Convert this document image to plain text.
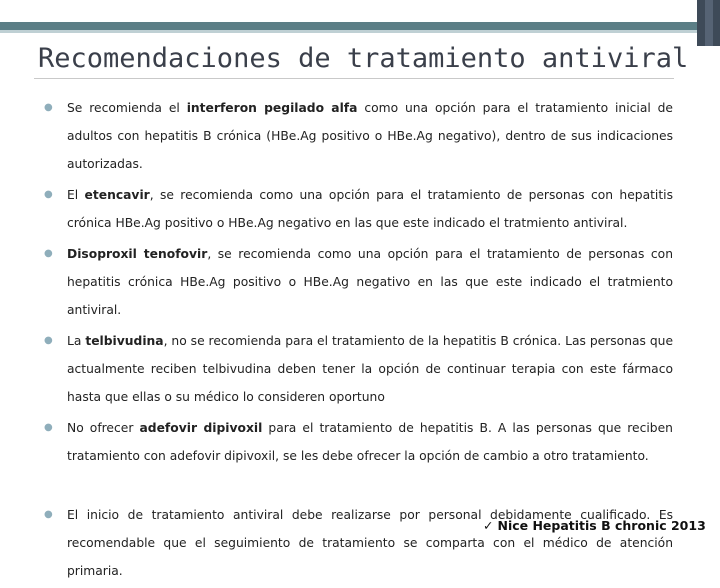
Recomendaciones de tratamiento antiviral
● Se recomienda el interferon pegilado alfa como una opción para el tratamiento inicial de adultos con hepatitis B crónica (HBe.Ag positivo o HBe.Ag negativo), dentro de sus indicaciones autorizadas.
● El etencavir, se recomienda como una opción para el tratamiento de personas con hepatitis crónica HBe.Ag positivo o HBe.Ag negativo en las que este indicado el tratmiento antiviral.
● Disoproxil tenofovir, se recomienda como una opción para el tratamiento de personas con hepatitis crónica HBe.Ag positivo o HBe.Ag negativo en las que este indicado el tratmiento antiviral.
● La telbivudina, no se recomienda para el tratamiento de la hepatitis B crónica. Las personas que actualmente reciben telbivudina deben tener la opción de continuar terapia con este fármaco hasta que ellas o su médico lo consideren oportuno
● No ofrecer adefovir dipivoxil para el tratamiento de hepatitis B. A las personas que reciben tratamiento con adefovir dipivoxil, se les debe ofrecer la opción de cambio a otro tratamiento.
● El inicio de tratamiento antiviral debe realizarse por personal debidamente cualificado. Es recomendable que el seguimiento de tratamiento se comparta con el médico de atención primaria.

✓ Nice Hepatitis B chronic 2013
